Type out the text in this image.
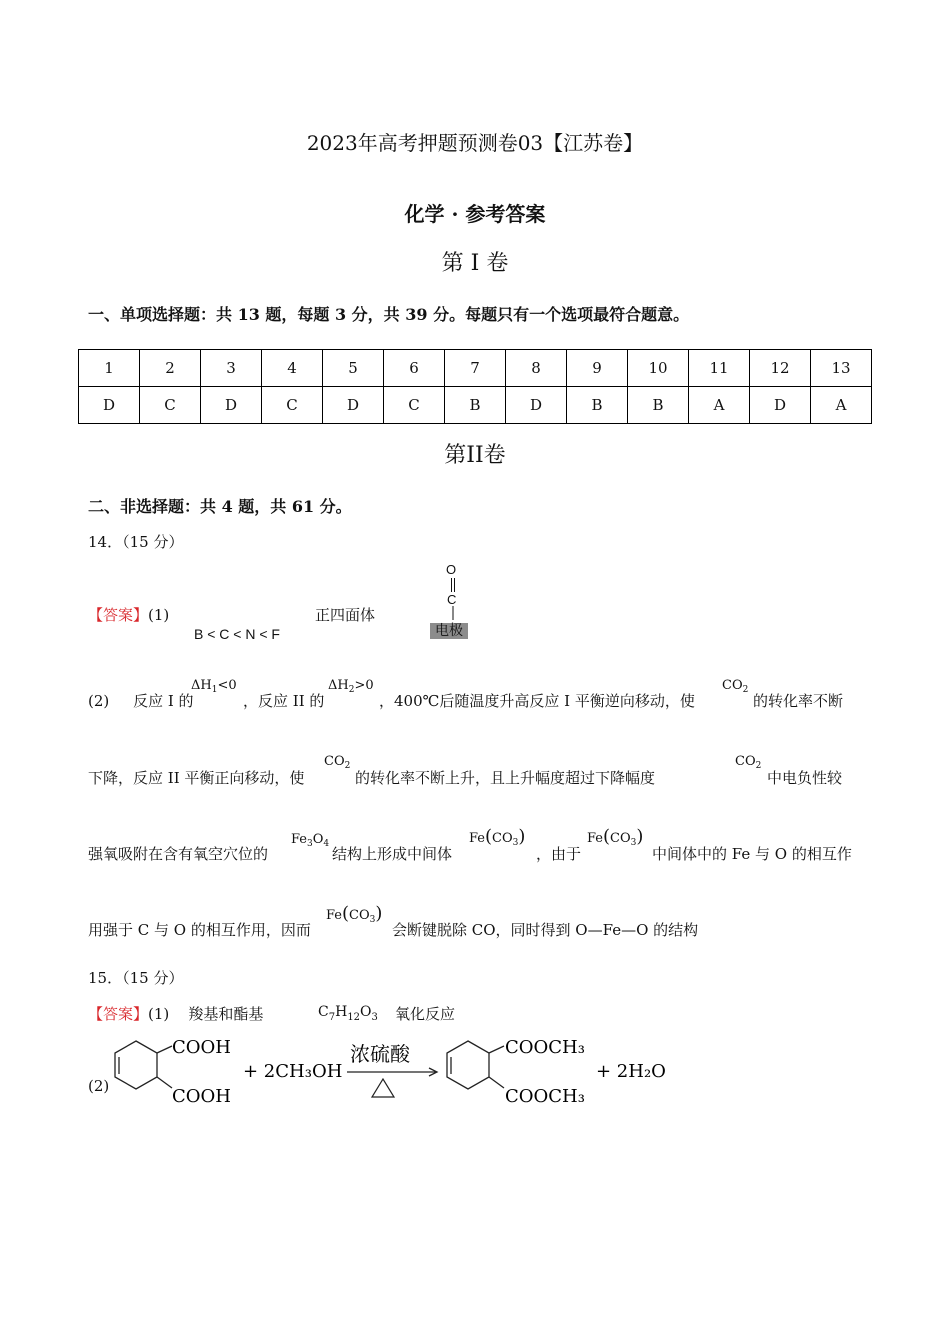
2023年高考押题预测卷03【江苏卷】
化学 · 参考答案
第 I 卷
一、单项选择题：共 13 题，每题 3 分，共 39 分。每题只有一个选项最符合题意。
1	2	3	4	5	6	7	8	9	10	11	12	13
D	C	D	C	D	C	B	D	B	B	A	D	A
第II卷
二、非选择题：共 4 题，共 61 分。
14．（15 分）
【答案】(1)
B < C < N < F
正四面体
O
C
电极
(2) 反应 I 的
$\Delta H_1<0$
，反应 II 的
$\Delta H_2>0$
，400℃后随温度升高反应 I 平衡逆向移动，使
$CO_2$
的转化率不断
下降，反应 II 平衡正向移动，使
$CO_2$
的转化率不断上升，且上升幅度超过下降幅度
$CO_2$
中电负性较
强氧吸附在含有氧空穴位的
$Fe_3O_4$
结构上形成中间体
$Fe(CO_3)$
，由于
$Fe(CO_3)$
中间体中的 Fe 与 O 的相互作
用强于 C 与 O 的相互作用，因而
$Fe(CO_3)$
会断键脱除 CO，同时得到 O—Fe—O 的结构
15．（15 分）
【答案】(1) 羧基和酯基	$C_7H_{12}O_3$ 氧化反应
(2)
COOH
COOH
+ 2CH₃OH
浓硫酸	COOCH₃
COOCH₃
+ 2H₂O
